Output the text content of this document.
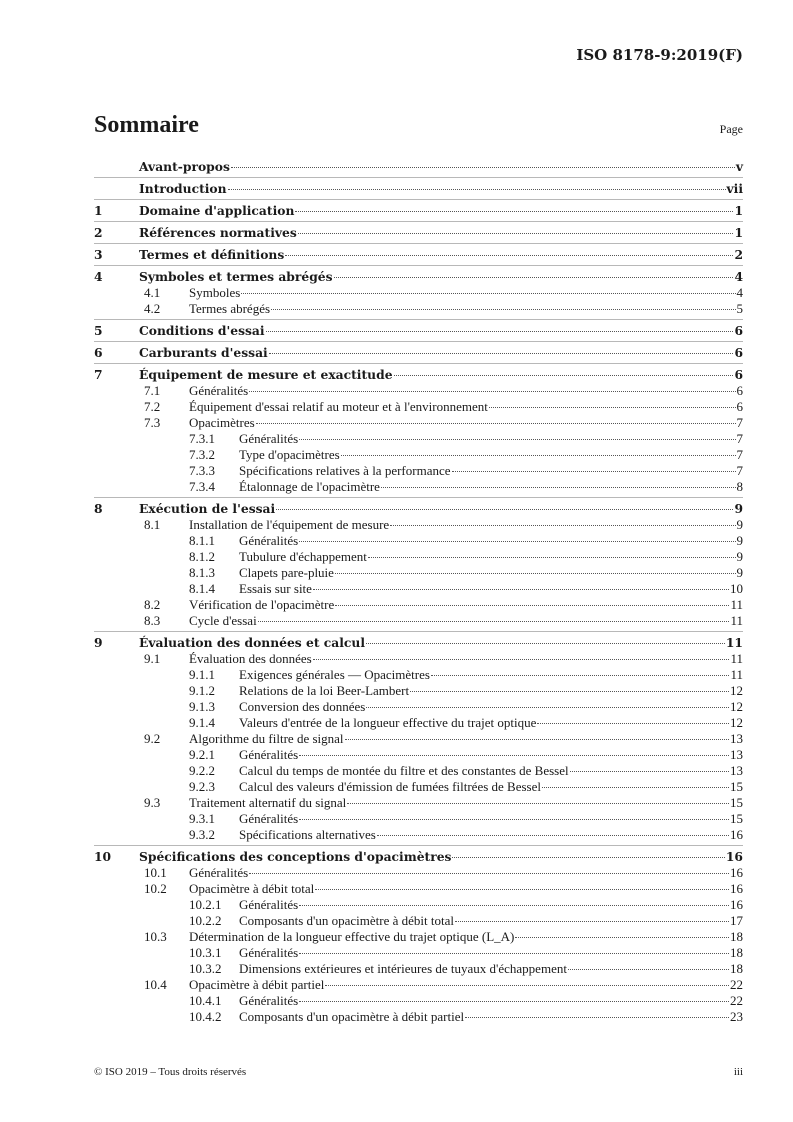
ISO 8178-9:2019(F)
Sommaire	Page
Avant-propos	v
Introduction	vii
1	Domaine d'application	1
2	Références normatives	1
3	Termes et définitions	2
4	Symboles et termes abrégés	4
4.1	Symboles	4
4.2	Termes abrégés	5
5	Conditions d'essai	6
6	Carburants d'essai	6
7	Équipement de mesure et exactitude	6
7.1	Généralités	6
7.2	Équipement d'essai relatif au moteur et à l'environnement	6
7.3	Opacimètres	7
7.3.1	Généralités	7
7.3.2	Type d'opacimètres	7
7.3.3	Spécifications relatives à la performance	7
7.3.4	Étalonnage de l'opacimètre	8
8	Exécution de l'essai	9
8.1	Installation de l'équipement de mesure	9
8.1.1	Généralités	9
8.1.2	Tubulure d'échappement	9
8.1.3	Clapets pare-pluie	9
8.1.4	Essais sur site	10
8.2	Vérification de l'opacimètre	11
8.3	Cycle d'essai	11
9	Évaluation des données et calcul	11
9.1	Évaluation des données	11
9.1.1	Exigences générales — Opacimètres	11
9.1.2	Relations de la loi Beer-Lambert	12
9.1.3	Conversion des données	12
9.1.4	Valeurs d'entrée de la longueur effective du trajet optique	12
9.2	Algorithme du filtre de signal	13
9.2.1	Généralités	13
9.2.2	Calcul du temps de montée du filtre et des constantes de Bessel	13
9.2.3	Calcul des valeurs d'émission de fumées filtrées de Bessel	15
9.3	Traitement alternatif du signal	15
9.3.1	Généralités	15
9.3.2	Spécifications alternatives	16
10	Spécifications des conceptions d'opacimètres	16
10.1	Généralités	16
10.2	Opacimètre à débit total	16
10.2.1	Généralités	16
10.2.2	Composants d'un opacimètre à débit total	17
10.3	Détermination de la longueur effective du trajet optique (L_A)	18
10.3.1	Généralités	18
10.3.2	Dimensions extérieures et intérieures de tuyaux d'échappement	18
10.4	Opacimètre à débit partiel	22
10.4.1	Généralités	22
10.4.2	Composants d'un opacimètre à débit partiel	23
© ISO 2019 – Tous droits réservés	iii
